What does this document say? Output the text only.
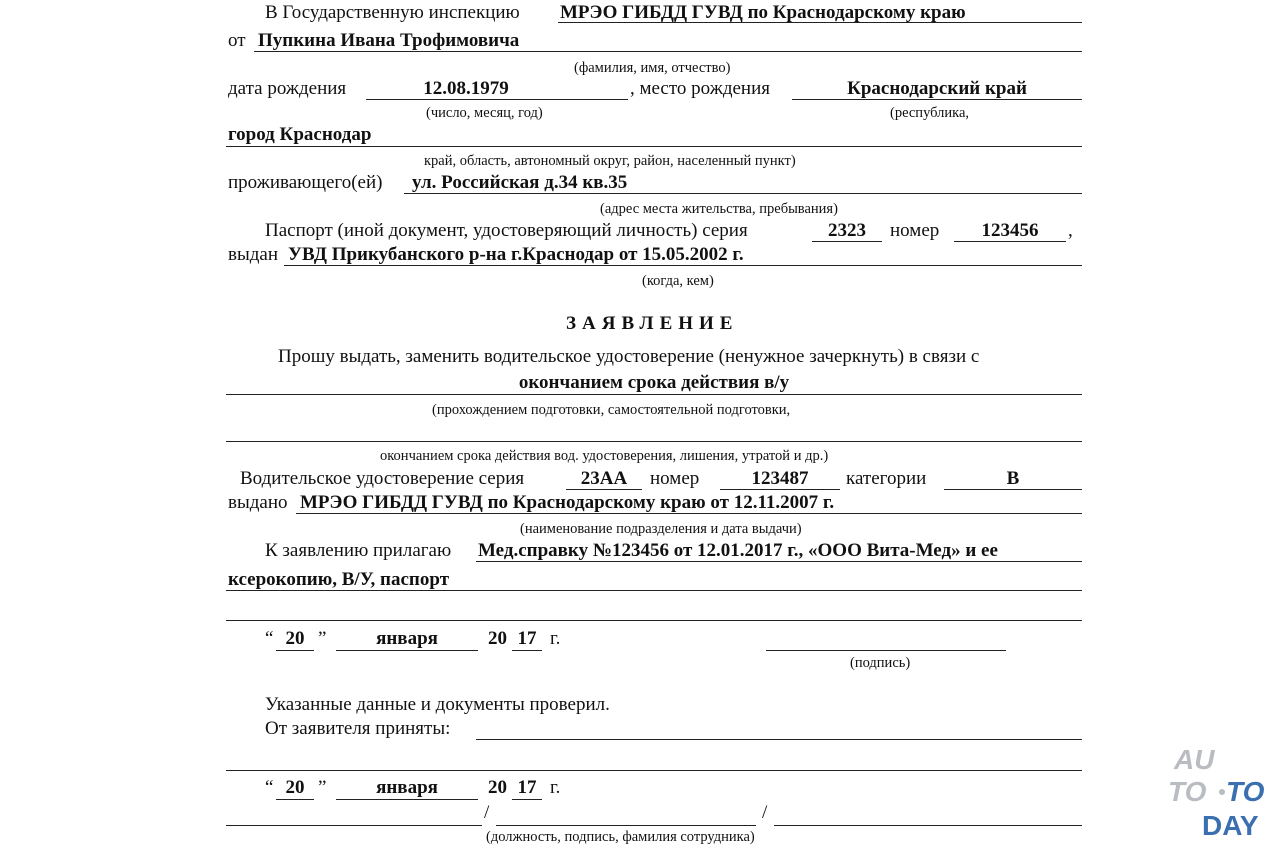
В Государственную инспекцию МРЭО ГИБДД ГУВД по Краснодарскому краю
от Пупкина Ивана Трофимовича
(фамилия, имя, отчество)
дата рождения	12.08.1979	, место рождения	Краснодарский край
(число, месяц, год)	(республика,
город Краснодар
край, область, автономный округ, район, населенный пункт)
проживающего(ей) ул. Российская д.34 кв.35
(адрес места жительства, пребывания)
Паспорт (иной документ, удостоверяющий личность) серия	2323	номер	123456	,
выдан УВД Прикубанского р-на г.Краснодар от 15.05.2002 г.
(когда, кем)
ЗАЯВЛЕНИЕ
Прошу выдать, заменить водительское удостоверение (ненужное зачеркнуть) в связи с
окончанием срока действия в/у
(прохождением подготовки, самостоятельной подготовки,
окончанием срока действия вод. удостоверения, лишения, утратой и др.)
Водительское удостоверение серия	23АА	номер	123487	категории	В
выдано МРЭО ГИБДД ГУВД по Краснодарскому краю от 12.11.2007 г.
(наименование подразделения и дата выдачи)
К заявлению прилагаю Мед.справку №123456 от 12.01.2017 г., «ООО Вита-Мед» и ее
ксерокопию, В/У, паспорт
“ 20 ”	января	20 17 г.
(подпись)
Указанные данные и документы проверил.
От заявителя приняты:
“ 20 ”	января	20 17 г.
/	/
(должность, подпись, фамилия сотрудника)
AU
TO TO
DAY
